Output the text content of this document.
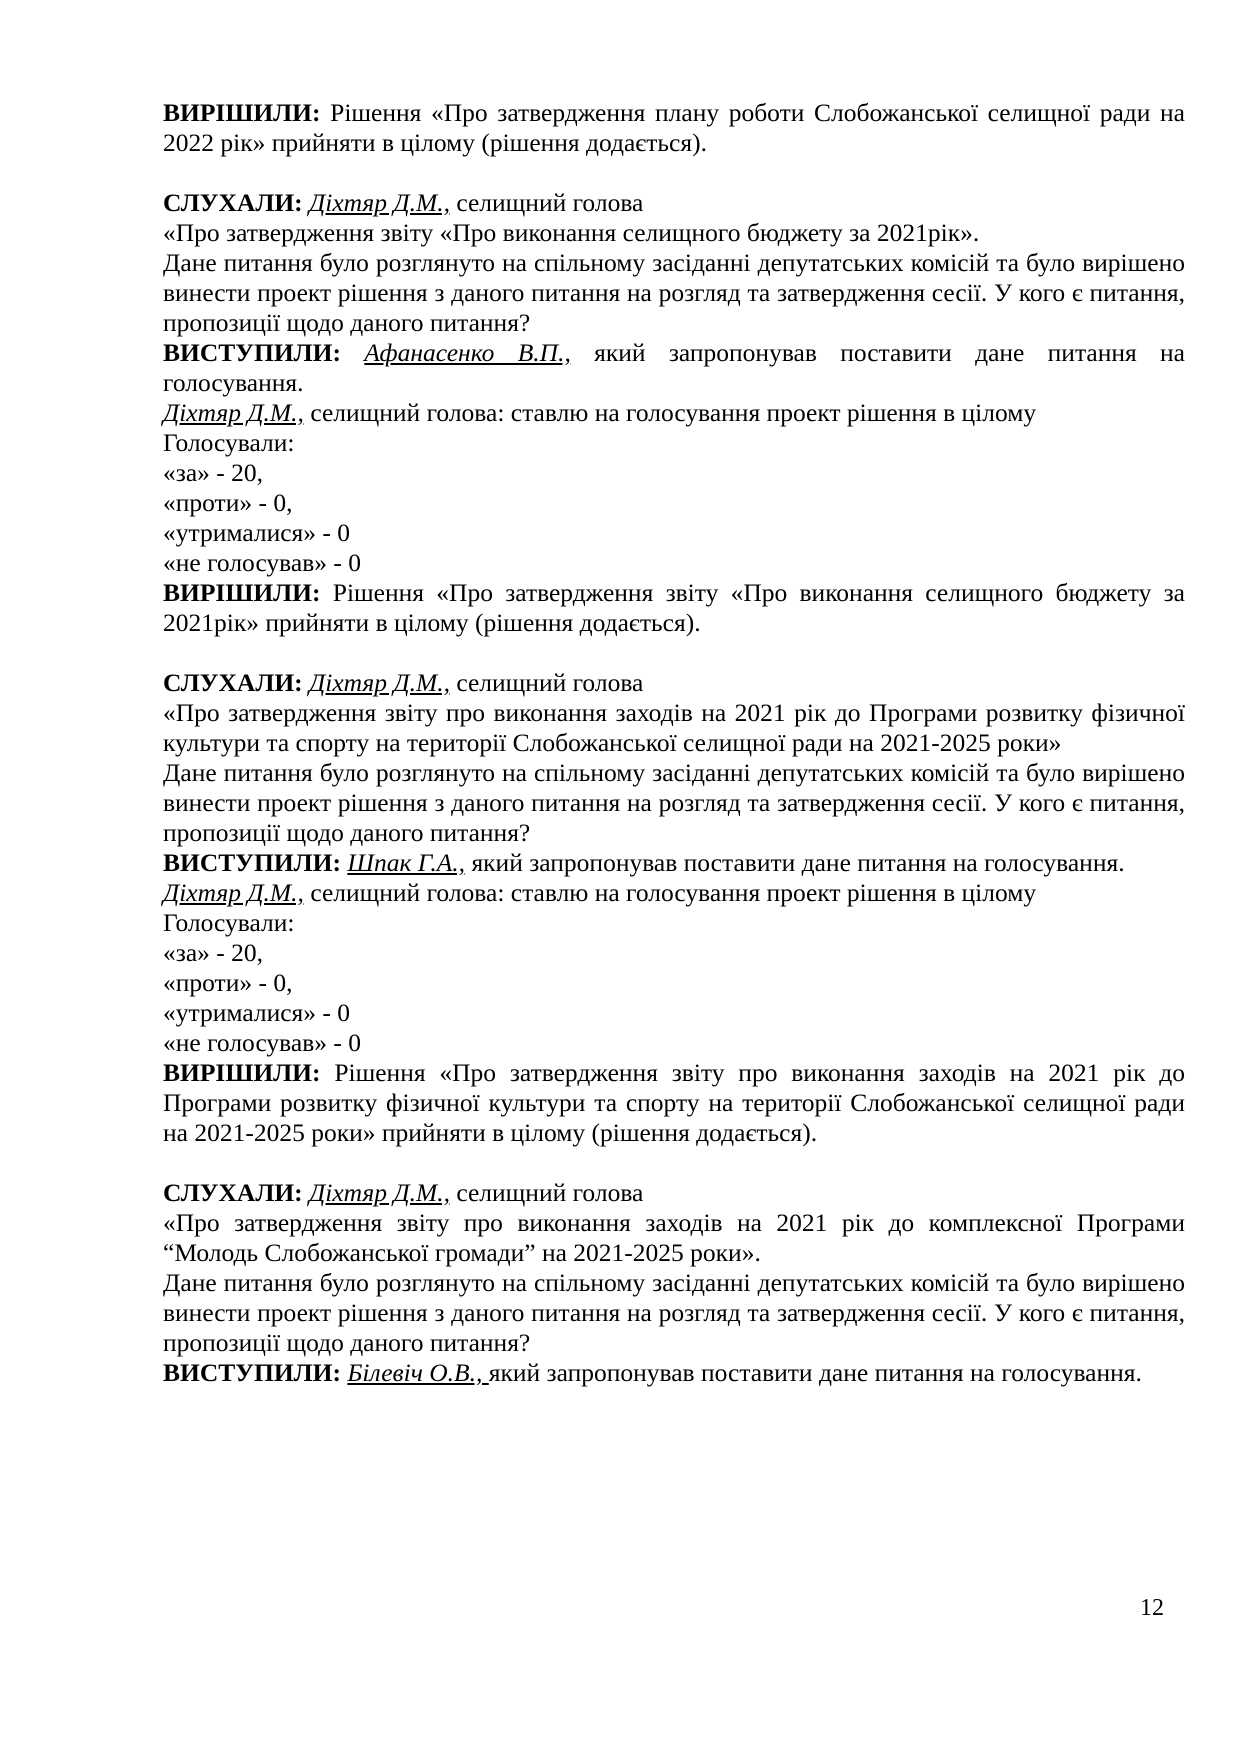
ВИРІШИЛИ: Рішення «Про затвердження плану роботи Слобожанської селищної ради на 2022 рік» прийняти в цілому (рішення додається).

СЛУХАЛИ: Діхтяр Д.М., селищний голова

«Про затвердження звіту «Про виконання селищного бюджету за 2021рік».

Дане питання було розглянуто на спільному засіданні депутатських комісій та було вирішено винести проект рішення з даного питання на розгляд та затвердження сесії. У кого є питання, пропозиції щодо даного питання?

ВИСТУПИЛИ: Афанасенко В.П., який запропонував поставити дане питання на голосування.

Діхтяр Д.М., селищний голова: ставлю на голосування проект рішення в цілому

Голосували:

«за» - 20,

«проти» - 0,

«утрималися» - 0

«не голосував» - 0

ВИРІШИЛИ: Рішення «Про затвердження звіту «Про виконання селищного бюджету за 2021рік» прийняти в цілому (рішення додається).

СЛУХАЛИ: Діхтяр Д.М., селищний голова

«Про затвердження звіту про виконання заходів на 2021 рік до Програми розвитку фізичної культури та спорту на території Слобожанської селищної ради на 2021-2025 роки»

Дане питання було розглянуто на спільному засіданні депутатських комісій та було вирішено винести проект рішення з даного питання на розгляд та затвердження сесії. У кого є питання, пропозиції щодо даного питання?

ВИСТУПИЛИ: Шпак Г.А., який запропонував поставити дане питання на голосування.

Діхтяр Д.М., селищний голова: ставлю на голосування проект рішення в цілому

Голосували:

«за» - 20,

«проти» - 0,

«утрималися» - 0

«не голосував» - 0

ВИРІШИЛИ: Рішення «Про затвердження звіту про виконання заходів на 2021 рік до Програми розвитку фізичної культури та спорту на території Слобожанської селищної ради на 2021-2025 роки» прийняти в цілому (рішення додається).

СЛУХАЛИ: Діхтяр Д.М., селищний голова

«Про затвердження звіту про виконання заходів на 2021 рік до комплексної Програми “Молодь Слобожанської громади” на 2021-2025 роки».

Дане питання було розглянуто на спільному засіданні депутатських комісій та було вирішено винести проект рішення з даного питання на розгляд та затвердження сесії. У кого є питання, пропозиції щодо даного питання?

ВИСТУПИЛИ: Білевіч О.В., який запропонував поставити дане питання на голосування.

12
